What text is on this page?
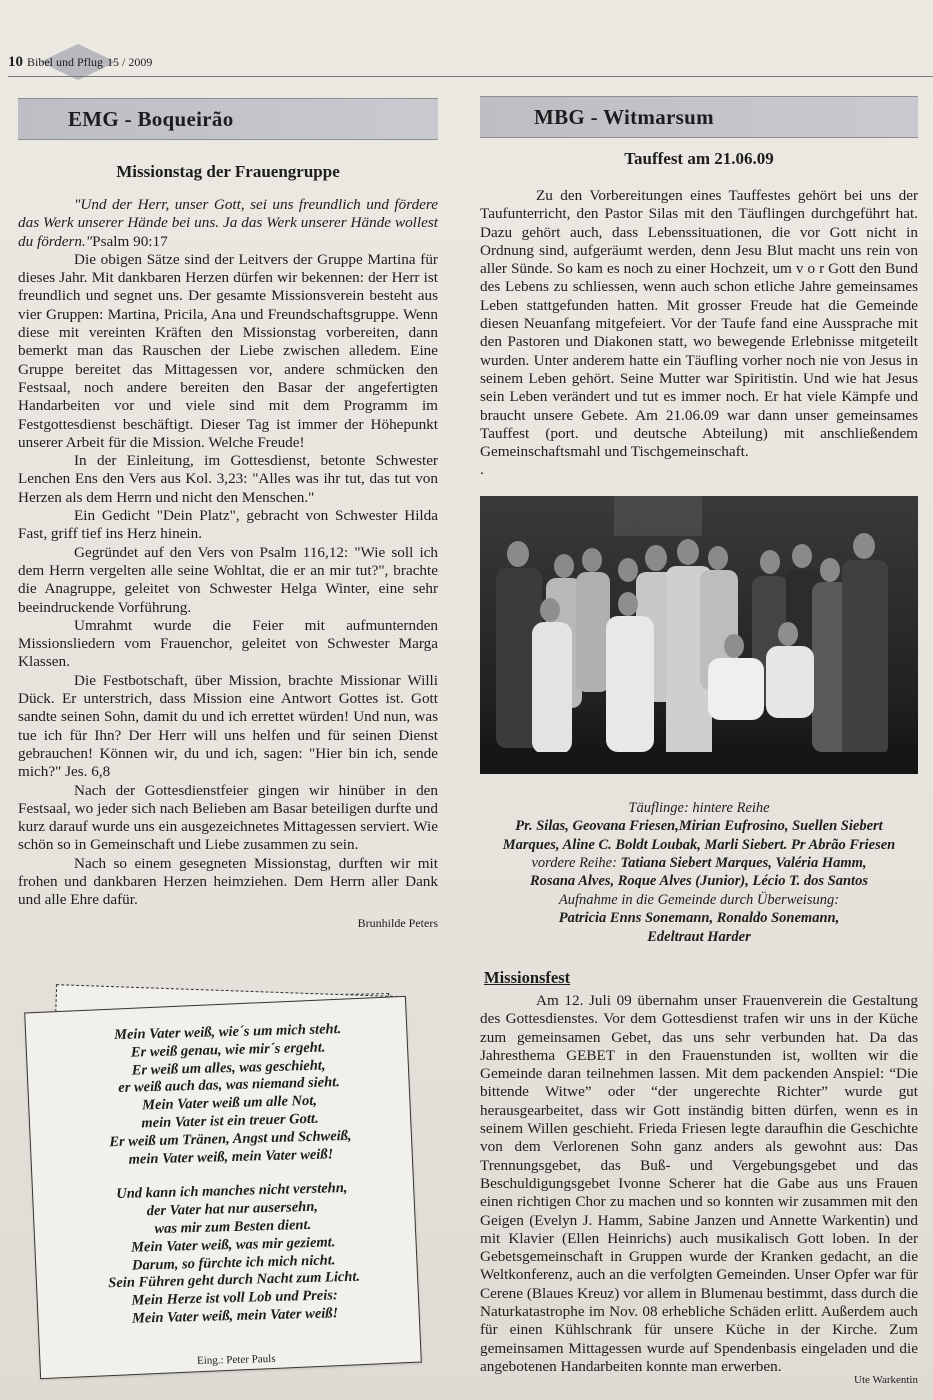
10 Bibel und Pflug 15 / 2009
EMG - Boqueirão
Missionstag der Frauengruppe
"Und der Herr, unser Gott, sei uns freundlich und fördere das Werk unserer Hände bei uns. Ja das Werk unserer Hände wollest du fördern."Psalm 90:17

Die obigen Sätze sind der Leitvers der Gruppe Martina für dieses Jahr. Mit dankbaren Herzen dürfen wir bekennen: der Herr ist freundlich und segnet uns. Der gesamte Missionsverein besteht aus vier Gruppen: Martina, Pricila, Ana und Freundschaftsgruppe. Wenn diese mit vereinten Kräften den Missionstag vorbereiten, dann bemerkt man das Rauschen der Liebe zwischen alledem. Eine Gruppe bereitet das Mittagessen vor, andere schmücken den Festsaal, noch andere bereiten den Basar der angefertigten Handarbeiten vor und viele sind mit dem Programm im Festgottesdienst beschäftigt. Dieser Tag ist immer der Höhepunkt unserer Arbeit für die Mission. Welche Freude!

In der Einleitung, im Gottesdienst, betonte Schwester Lenchen Ens den Vers aus Kol. 3,23: "Alles was ihr tut, das tut von Herzen als dem Herrn und nicht den Menschen."

Ein Gedicht "Dein Platz", gebracht von Schwester Hilda Fast, griff tief ins Herz hinein.

Gegründet auf den Vers von Psalm 116,12: "Wie soll ich dem Herrn vergelten alle seine Wohltat, die er an mir tut?", brachte die Anagruppe, geleitet von Schwester Helga Winter, eine sehr beeindruckende Vorführung.

Umrahmt wurde die Feier mit aufmunternden Missionsliedern vom Frauenchor, geleitet von Schwester Marga Klassen.

Die Festbotschaft, über Mission, brachte Missionar Willi Dück. Er unterstrich, dass Mission eine Antwort Gottes ist. Gott sandte seinen Sohn, damit du und ich errettet würden! Und nun, was tue ich für Ihn? Der Herr will uns helfen und für seinen Dienst gebrauchen! Können wir, du und ich, sagen: "Hier bin ich, sende mich?" Jes. 6,8

Nach der Gottesdienstfeier gingen wir hinüber in den Festsaal, wo jeder sich nach Belieben am Basar beteiligen durfte und kurz darauf wurde uns ein ausgezeichnetes Mittagessen serviert. Wie schön so in Gemeinschaft und Liebe zusammen zu sein.

Nach so einem gesegneten Missionstag, durften wir mit frohen und dankbaren Herzen heimziehen. Dem Herrn aller Dank und alle Ehre dafür.

Brunhilde Peters
Mein Vater weiß, wie´s um mich steht.
Er weiß genau, wie mir´s ergeht.
Er weiß um alles, was geschieht,
er weiß auch das, was niemand sieht.
Mein Vater weiß um alle Not,
mein Vater ist ein treuer Gott.
Er weiß um Tränen, Angst und Schweiß,
mein Vater weiß, mein Vater weiß!
Und kann ich manches nicht verstehn,
der Vater hat nur ausersehn,
was mir zum Besten dient.
Mein Vater weiß, was mir geziemt.
Darum, so fürchte ich mich nicht.
Sein Führen geht durch Nacht zum Licht.
Mein Herze ist voll Lob und Preis:
Mein Vater weiß, mein Vater weiß!
Eing.: Peter Pauls
MBG - Witmarsum
Tauffest am 21.06.09

Zu den Vorbereitungen eines Tauffestes gehört bei uns der Taufunterricht, den Pastor Silas mit den Täuflingen durchgeführt hat. Dazu gehört auch, dass Lebenssituationen, die vor Gott nicht in Ordnung sind, aufgeräumt werden, denn Jesu Blut macht uns rein von aller Sünde. So kam es noch zu einer Hochzeit, um v o r Gott den Bund des Lebens zu schliessen, wenn auch schon etliche Jahre gemeinsames Leben stattgefunden hatten. Mit grosser Freude hat die Gemeinde diesen Neuanfang mitgefeiert. Vor der Taufe fand eine Aussprache mit den Pastoren und Diakonen statt, wo bewegende Erlebnisse mitgeteilt wurden. Unter anderem hatte ein Täufling vorher noch nie von Jesus in seinem Leben gehört. Seine Mutter war Spiritistin. Und wie hat Jesus sein Leben verändert und tut es immer noch. Er hat viele Kämpfe und braucht unsere Gebete. Am 21.06.09 war dann unser gemeinsames Tauffest (port. und deutsche Abteilung) mit anschließendem Gemeinschaftsmahl und Tischgemeinschaft.

.

Täuflinge: hintere Reihe
Pr. Silas, Geovana Friesen,Mirian Eufrosino, Suellen Siebert
Marques, Aline C. Boldt Loubak, Marli Siebert. Pr Abrão Friesen
vordere Reihe: Tatiana Siebert Marques, Valéria Hamm,
Rosana Alves, Roque Alves (Junior), Lécio T. dos Santos
Aufnahme in die Gemeinde durch Überweisung:
Patricia Enns Sonemann, Ronaldo Sonemann,
Edeltraut Harder
Missionsfest

Am 12. Juli 09 übernahm unser Frauenverein die Gestaltung des Gottesdienstes. Vor dem Gottesdienst trafen wir uns in der Küche zum gemeinsamen Gebet, das uns sehr verbunden hat. Da das Jahresthema GEBET in den Frauenstunden ist, wollten wir die Gemeinde daran teilnehmen lassen. Mit dem packenden Anspiel: “Die bittende Witwe” oder “der ungerechte Richter” wurde gut herausgearbeitet, dass wir Gott inständig bitten dürfen, wenn es in seinem Willen geschieht. Frieda Friesen legte daraufhin die Geschichte von dem Verlorenen Sohn ganz anders als gewohnt aus: Das Trennungsgebet, das Buß- und Vergebungsgebet und das Beschuldigungsgebet Ivonne Scherer hat die Gabe aus uns Frauen einen richtigen Chor zu machen und so konnten wir zusammen mit den Geigen (Evelyn J. Hamm, Sabine Janzen und Annette Warkentin) und mit Klavier (Ellen Heinrichs) auch musikalisch Gott loben. In der Gebetsgemeinschaft in Gruppen wurde der Kranken gedacht, an die Weltkonferenz, auch an die verfolgten Gemeinden. Unser Opfer war für Cerene (Blaues Kreuz) vor allem in Blumenau bestimmt, dass durch die Naturkatastrophe im Nov. 08 erhebliche Schäden erlitt. Außerdem auch für einen Kühlschrank für unsere Küche in der Kirche. Zum gemeinsamen Mittagessen wurde auf Spendenbasis eingeladen und die angebotenen Handarbeiten konnte man erwerben.

Ute Warkentin
